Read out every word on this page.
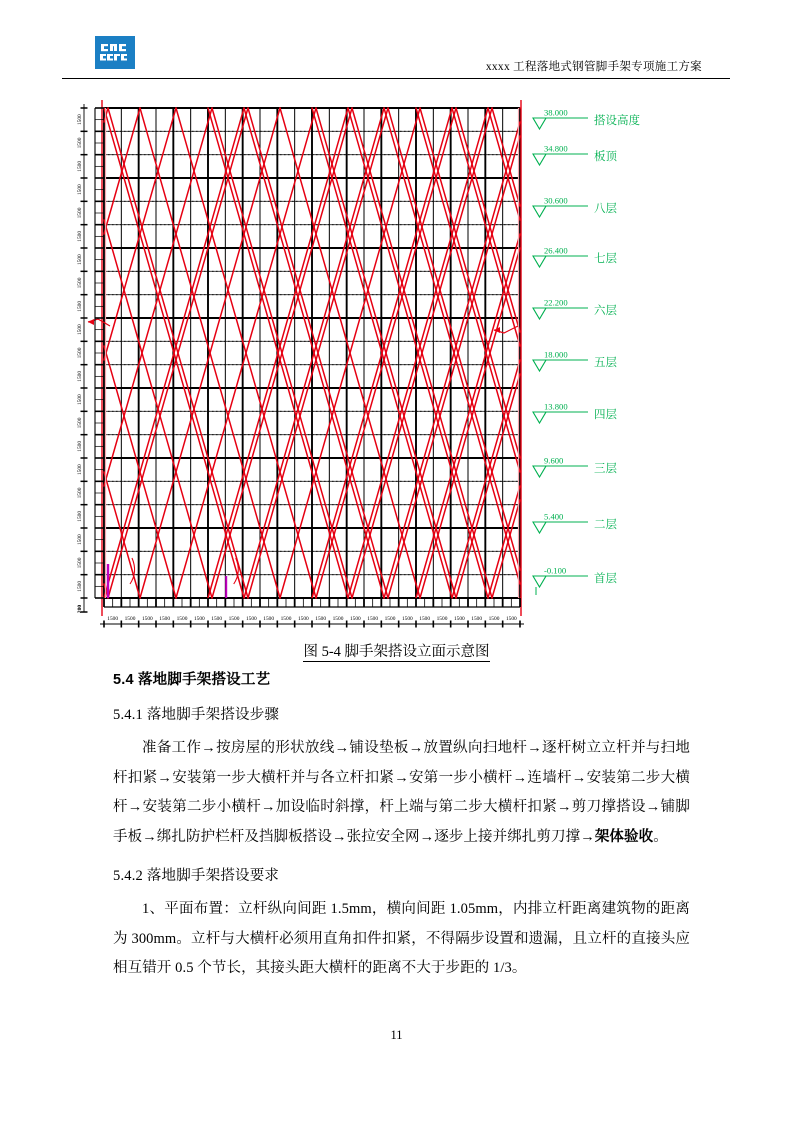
xxxx 工程落地式钢管脚手架专项施工方案
1500 1500 1500 1500 1500 1500 1500 1500 1500 1500 1500 1500 1500 1500 1500 1500 1500 1500 1500 1500 1500 1500 1500 1500
1500
1500
1500
1500
1500
1500
1500
1500
1500
1500
1500
1500
1500
1500
1500
1500
1500
1500
1500
1500
1500
200
38.000
搭设高度
34.800
板顶
30.600
八层
26.400
七层
22.200
六层
18.000
五层
13.800
四层
9.600
三层
5.400
二层
-0.100
首层
图 5-4 脚手架搭设立面示意图
5.4 落地脚手架搭设工艺
5.4.1 落地脚手架搭设步骤

准备工作→按房屋的形状放线→铺设垫板→放置纵向扫地杆→逐杆树立立杆并与扫地杆扣紧→安装第一步大横杆并与各立杆扣紧→安第一步小横杆→连墙杆→安装第二步大横杆→安装第二步小横杆→加设临时斜撑，杆上端与第二步大横杆扣紧→剪刀撑搭设→铺脚手板→绑扎防护栏杆及挡脚板搭设→张拉安全网→逐步上接并绑扎剪刀撑→架体验收。

5.4.2 落地脚手架搭设要求

1、平面布置：立杆纵向间距 1.5mm，横向间距 1.05mm，内排立杆距离建筑物的距离为 300mm。立杆与大横杆必须用直角扣件扣紧，不得隔步设置和遗漏，且立杆的直接头应相互错开 0.5 个节长，其接头距大横杆的距离不大于步距的 1/3。

11
